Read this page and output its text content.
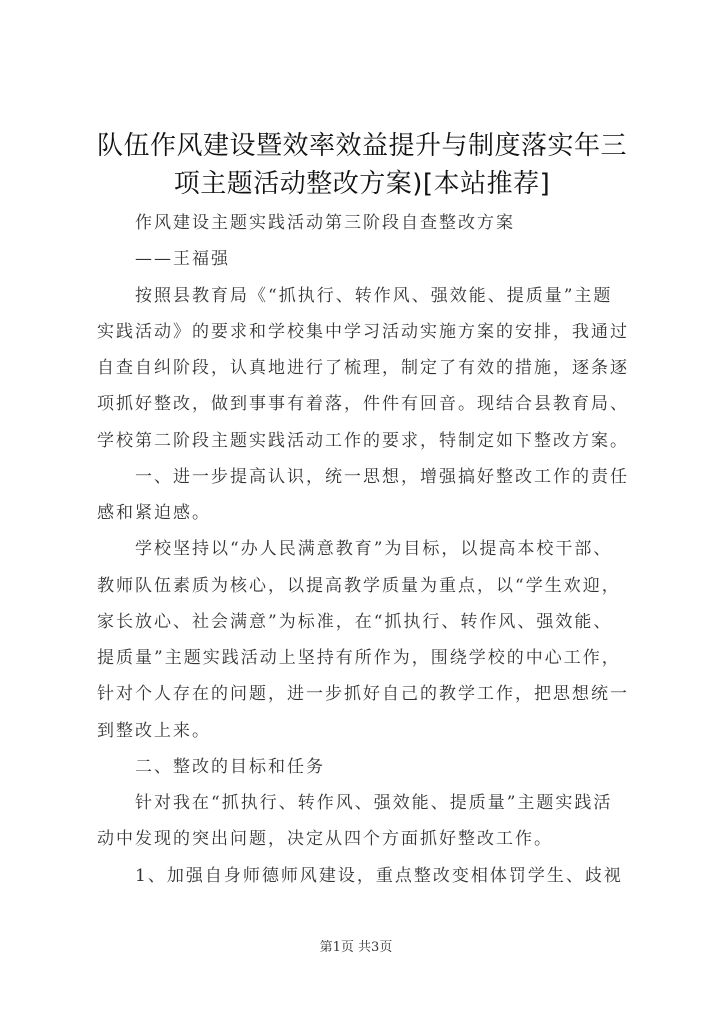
队伍作风建设暨效率效益提升与制度落实年三
项主题活动整改方案)[本站推荐]
作风建设主题实践活动第三阶段自查整改方案
——王福强
按照县教育局《“抓执行、转作风、强效能、提质量”主题
实践活动》的要求和学校集中学习活动实施方案的安排，我通过
自查自纠阶段，认真地进行了梳理，制定了有效的措施，逐条逐
项抓好整改，做到事事有着落，件件有回音。现结合县教育局、
学校第二阶段主题实践活动工作的要求，特制定如下整改方案。
一、进一步提高认识，统一思想，增强搞好整改工作的责任
感和紧迫感。
学校坚持以“办人民满意教育”为目标，以提高本校干部、
教师队伍素质为核心，以提高教学质量为重点，以“学生欢迎，
家长放心、社会满意”为标准，在“抓执行、转作风、强效能、
提质量”主题实践活动上坚持有所作为，围绕学校的中心工作，
针对个人存在的问题，进一步抓好自己的教学工作，把思想统一
到整改上来。
二、整改的目标和任务
针对我在“抓执行、转作风、强效能、提质量”主题实践活
动中发现的突出问题，决定从四个方面抓好整改工作。
1、加强自身师德师风建设，重点整改变相体罚学生、歧视
第1页 共3页
